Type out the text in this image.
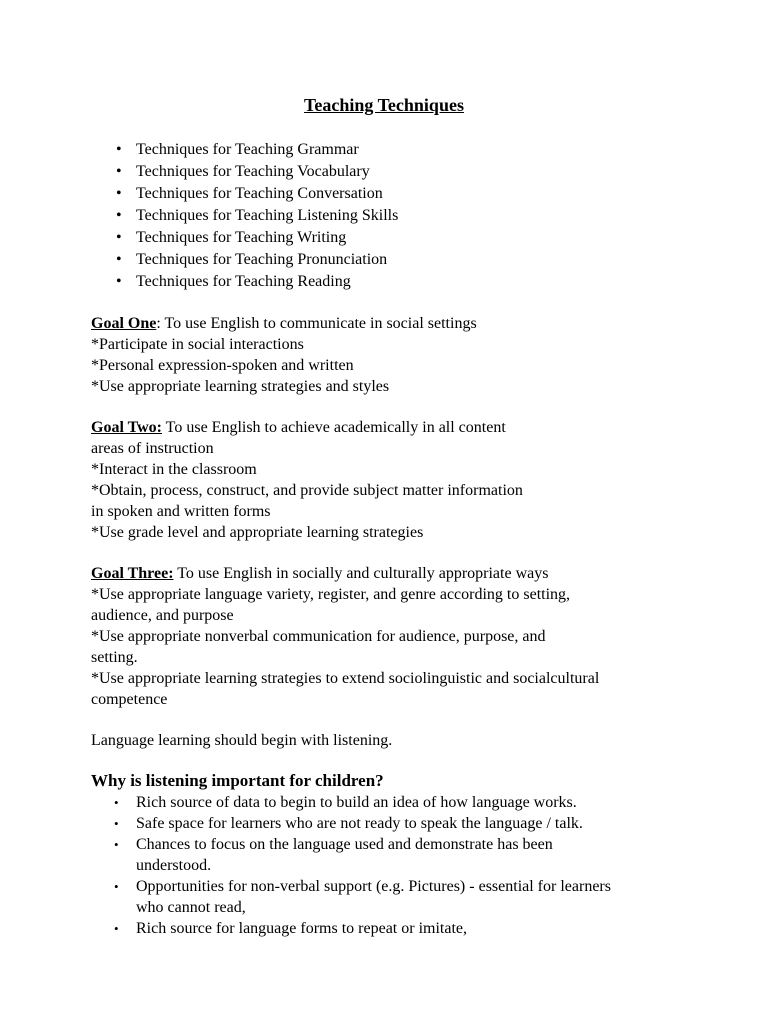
Teaching Techniques
• Techniques for Teaching Grammar
• Techniques for Teaching Vocabulary
• Techniques for Teaching Conversation
• Techniques for Teaching Listening Skills
• Techniques for Teaching Writing
• Techniques for Teaching Pronunciation
• Techniques for Teaching Reading
Goal One: To use English to communicate in social settings
*Participate in social interactions
*Personal expression-spoken and written
*Use appropriate learning strategies and styles
Goal Two: To use English to achieve academically in all content
areas of instruction
*Interact in the classroom
*Obtain, process, construct, and provide subject matter information
in spoken and written forms
*Use grade level and appropriate learning strategies
Goal Three: To use English in socially and culturally appropriate ways
*Use appropriate language variety, register, and genre according to setting,
audience, and purpose
*Use appropriate nonverbal communication for audience, purpose, and
setting.
*Use appropriate learning strategies to extend sociolinguistic and socialcultural
competence
Language learning should begin with listening.
Why is listening important for children?
• Rich source of data to begin to build an idea of how language works.
• Safe space for learners who are not ready to speak the language / talk.
• Chances to focus on the language used and demonstrate has been
understood.
• Opportunities for non-verbal support (e.g. Pictures) - essential for learners
who cannot read,
• Rich source for language forms to repeat or imitate,
